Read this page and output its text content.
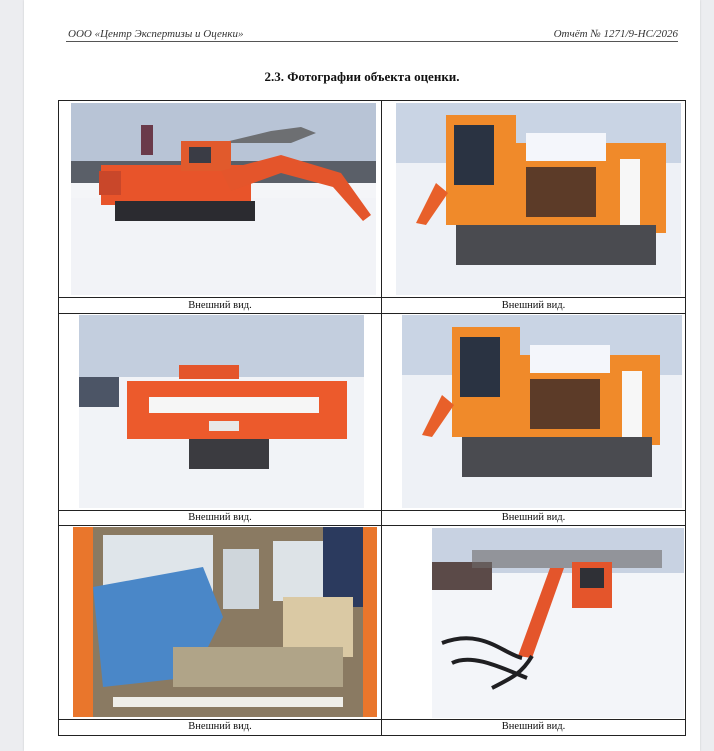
ООО «Центр Экспертизы и Оценки»	Отчёт № 1271/9-НС/2026
2.3. Фотографии объекта оценки.
Внешний вид.	Внешний вид.
Внешний вид.	Внешний вид.
Внешний вид.	Внешний вид.
